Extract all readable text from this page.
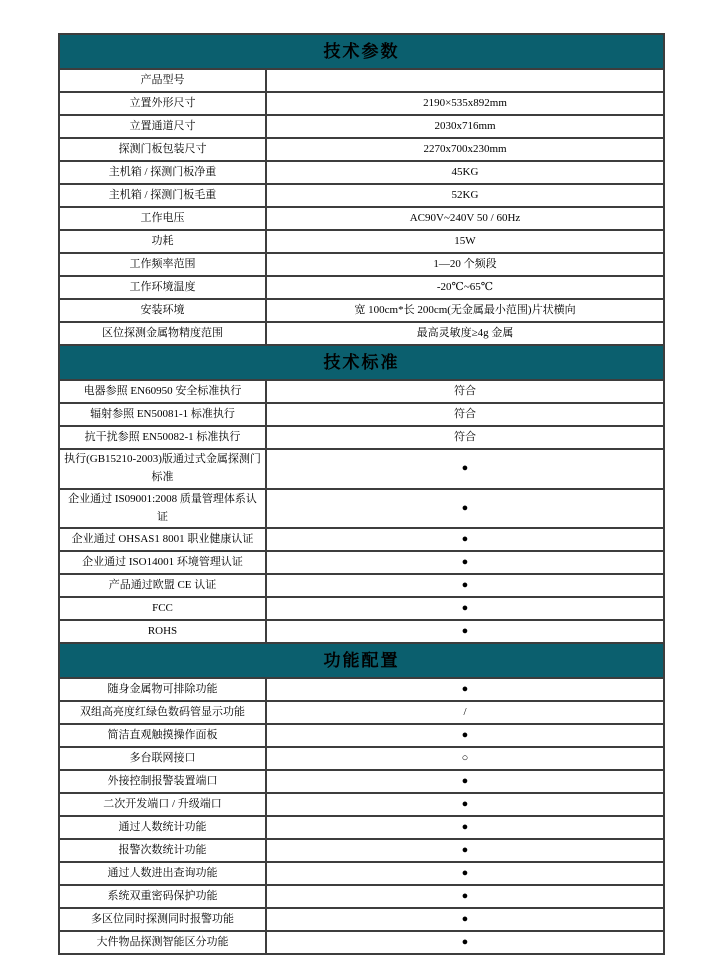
技术参数	
产品型号	
立置外形尺寸	2190×535x892mm
立置通道尺寸	2030x716mm
探测门板包装尺寸	2270x700x230mm
主机箱 / 探测门板净重	45KG
主机箱 / 探测门板毛重	52KG
工作电压	AC90V~240V 50 / 60Hz
功耗	15W
工作频率范围	1—20 个频段
工作环境温度	-20℃~65℃
安装环境	宽 100cm*长 200cm(无金属最小范围)片状横向
区位探测金属物精度范围	最高灵敏度≥4g 金属
技术标准	
电器参照 EN60950 安全标准执行	符合
辐射参照 EN50081-1 标准执行	符合
抗干扰参照 EN50082-1 标准执行	符合
执行(GB15210-2003)版通过式金属探测门标准	●
企业通过 IS09001:2008 质量管理体系认证	●
企业通过 OHSAS1 8001 职业健康认证	●
企业通过 ISO14001 环境管理认证	●
产品通过欧盟 CE 认证	●
FCC	●
ROHS	●
功能配置	
随身金属物可排除功能	●
双组高亮度红绿色数码管显示功能	/
简洁直观触摸操作面板	●
多台联网接口	○
外接控制报警装置端口	●
二次开发端口 / 升级端口	●
通过人数统计功能	●
报警次数统计功能	●
通过人数进出查询功能	●
系统双重密码保护功能	●
多区位同时探测同时报警功能	●
大件物品探测智能区分功能	●
